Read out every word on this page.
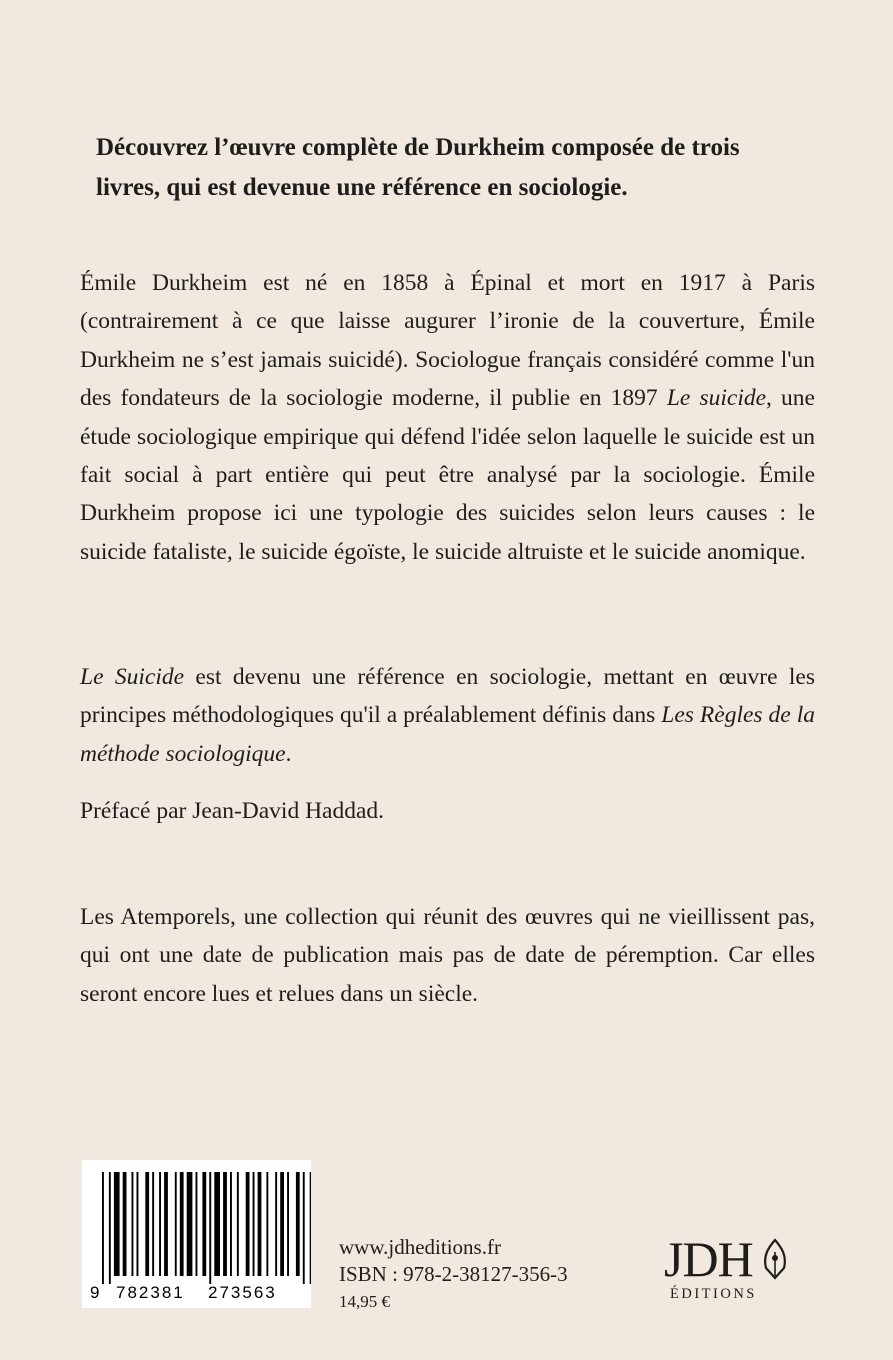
Découvrez l’œuvre complète de Durkheim composée de trois livres, qui est devenue une référence en sociologie.

Émile Durkheim est né en 1858 à Épinal et mort en 1917 à Paris (contrairement à ce que laisse augurer l’ironie de la couverture, Émile Durkheim ne s’est jamais suicidé). Sociologue français considéré comme l'un des fondateurs de la sociologie moderne, il publie en 1897 Le suicide, une étude sociologique empirique qui défend l'idée selon laquelle le suicide est un fait social à part entière qui peut être analysé par la sociologie. Émile Durkheim propose ici une typologie des suicides selon leurs causes : le suicide fataliste, le suicide égoïste, le suicide altruiste et le suicide anomique.

Le Suicide est devenu une référence en sociologie, mettant en œuvre les principes méthodologiques qu'il a préalablement définis dans Les Règles de la méthode sociologique.

Préfacé par Jean-David Haddad.

Les Atemporels, une collection qui réunit des œuvres qui ne vieillissent pas, qui ont une date de publication mais pas de date de péremption. Car elles seront encore lues et relues dans un siècle.

9 782381 273563
www.jdheditions.fr
ISBN : 978-2-38127-356-3
14,95 €
JDH
ÉDITIONS
